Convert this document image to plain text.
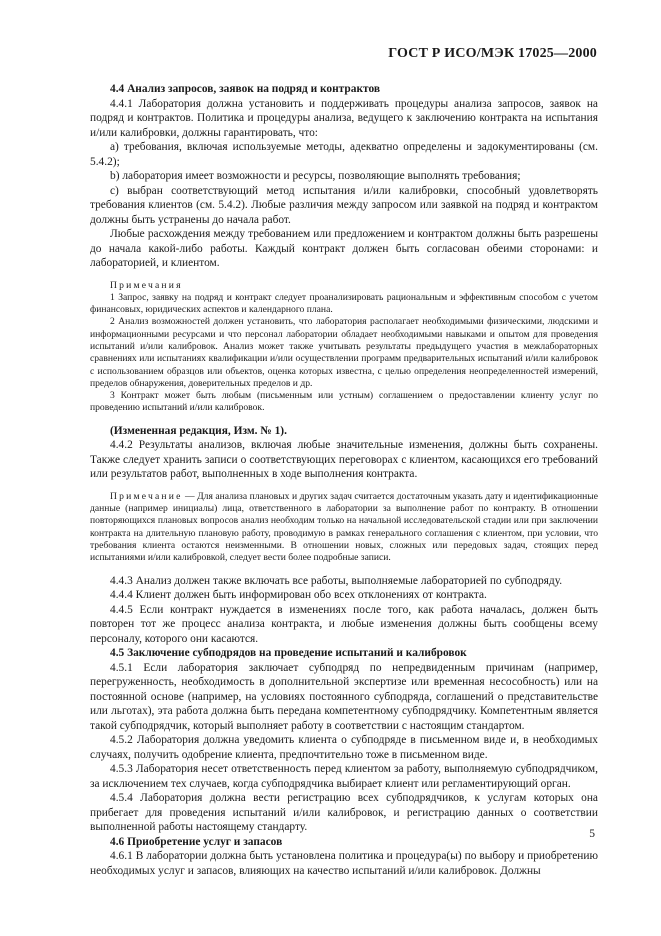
ГОСТ Р ИСО/МЭК 17025—2000

4.4 Анализ запросов, заявок на подряд и контрактов

4.4.1 Лаборатория должна установить и поддерживать процедуры анализа запросов, заявок на подряд и контрактов. Политика и процедуры анализа, ведущего к заключению контракта на испытания и/или калибровки, должны гарантировать, что:

а) требования, включая используемые методы, адекватно определены и задокументированы (см. 5.4.2);

b) лаборатория имеет возможности и ресурсы, позволяющие выполнять требования;

с) выбран соответствующий метод испытания и/или калибровки, способный удовлетворять требования клиентов (см. 5.4.2). Любые различия между запросом или заявкой на подряд и контрактом должны быть устранены до начала работ.

Любые расхождения между требованием или предложением и контрактом должны быть разрешены до начала какой-либо работы. Каждый контракт должен быть согласован обеими сторонами: и лабораторией, и клиентом.

Примечания

1 Запрос, заявку на подряд и контракт следует проанализировать рациональным и эффективным способом с учетом финансовых, юридических аспектов и календарного плана.

2 Анализ возможностей должен установить, что лаборатория располагает необходимыми физическими, людскими и информационными ресурсами и что персонал лаборатории обладает необходимыми навыками и опытом для проведения испытаний и/или калибровок. Анализ может также учитывать результаты предыдущего участия в межлабораторных сравнениях или испытаниях квалификации и/или осуществлении программ предварительных испытаний и/или калибровок с использованием образцов или объектов, оценка которых известна, с целью определения неопределенностей измерений, пределов обнаружения, доверительных пределов и др.

3 Контракт может быть любым (письменным или устным) соглашением о предоставлении клиенту услуг по проведению испытаний и/или калибровок.

(Измененная редакция, Изм. № 1).

4.4.2 Результаты анализов, включая любые значительные изменения, должны быть сохранены. Также следует хранить записи о соответствующих переговорах с клиентом, касающихся его требований или результатов работ, выполненных в ходе выполнения контракта.

Примечание — Для анализа плановых и других задач считается достаточным указать дату и идентификационные данные (например инициалы) лица, ответственного в лаборатории за выполнение работ по контракту. В отношении повторяющихся плановых вопросов анализ необходим только на начальной исследовательской стадии или при заключении контракта на длительную плановую работу, проводимую в рамках генерального соглашения с клиентом, при условии, что требования клиента остаются неизменными. В отношении новых, сложных или передовых задач, стоящих перед испытаниями и/или калибровкой, следует вести более подробные записи.

4.4.3 Анализ должен также включать все работы, выполняемые лабораторией по субподряду.

4.4.4 Клиент должен быть информирован обо всех отклонениях от контракта.

4.4.5 Если контракт нуждается в изменениях после того, как работа началась, должен быть повторен тот же процесс анализа контракта, и любые изменения должны быть сообщены всему персоналу, которого они касаются.

4.5 Заключение субподрядов на проведение испытаний и калибровок

4.5.1 Если лаборатория заключает субподряд по непредвиденным причинам (например, перегруженность, необходимость в дополнительной экспертизе или временная несособность) или на постоянной основе (например, на условиях постоянного субподряда, соглашений о представительстве или льготах), эта работа должна быть передана компетентному субподрядчику. Компетентным является такой субподрядчик, который выполняет работу в соответствии с настоящим стандартом.

4.5.2 Лаборатория должна уведомить клиента о субподряде в письменном виде и, в необходимых случаях, получить одобрение клиента, предпочтительно тоже в письменном виде.

4.5.3 Лаборатория несет ответственность перед клиентом за работу, выполняемую субподрядчиком, за исключением тех случаев, когда субподрядчика выбирает клиент или регламентирующий орган.

4.5.4 Лаборатория должна вести регистрацию всех субподрядчиков, к услугам которых она прибегает для проведения испытаний и/или калибровок, и регистрацию данных о соответствии выполненной работы настоящему стандарту.

4.6 Приобретение услуг и запасов

4.6.1 В лаборатории должна быть установлена политика и процедура(ы) по выбору и приобретению необходимых услуг и запасов, влияющих на качество испытаний и/или калибровок. Должны

5
